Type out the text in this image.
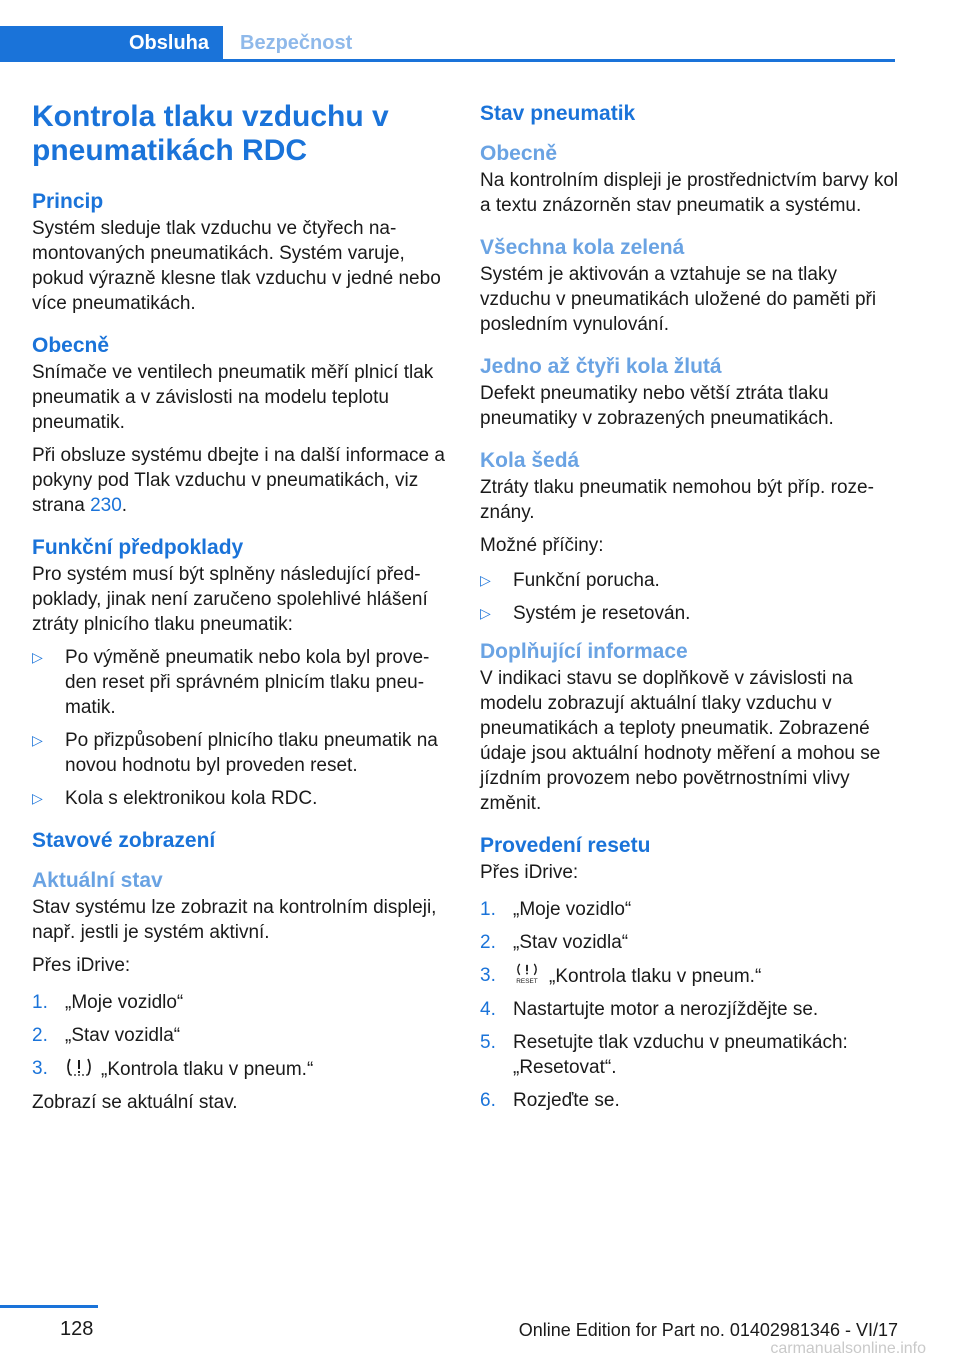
Obsluha	Bezpečnost
Kontrola tlaku vzduchu v pneumatikách RDC
Princip

Systém sleduje tlak vzduchu ve čtyřech namontovaných pneumatikách. Systém varuje, pokud výrazně klesne tlak vzduchu v jedné nebo více pneumatikách.

Obecně

Snímače ve ventilech pneumatik měří plnicí tlak pneumatik a v závislosti na modelu teplotu pneumatik.

Při obsluze systému dbejte i na další informace a pokyny pod Tlak vzduchu v pneumatikách, viz strana 230.

Funkční předpoklady

Pro systém musí být splněny následující předpoklady, jinak není zaručeno spolehlivé hlášení ztráty plnicího tlaku pneumatik:

▷ Po výměně pneumatik nebo kola byl proveden reset při správném plnicím tlaku pneumatik.
▷ Po přizpůsobení plnicího tlaku pneumatik na novou hodnotu byl proveden reset.
▷ Kola s elektronikou kola RDC.
Stavové zobrazení
Aktuální stav

Stav systému lze zobrazit na kontrolním displeji, např. jestli je systém aktivní.

Přes iDrive:

1. „Moje vozidlo“
2. „Stav vozidla“
3.	„Kontrola tlaku v pneum.“

Zobrazí se aktuální stav.

Stav pneumatik
Obecně

Na kontrolním displeji je prostřednictvím barvy kol a textu znázorněn stav pneumatik a systému.

Všechna kola zelená

Systém je aktivován a vztahuje se na tlaky vzduchu v pneumatikách uložené do paměti při posledním vynulování.

Jedno až čtyři kola žlutá

Defekt pneumatiky nebo větší ztráta tlaku pneumatiky v zobrazených pneumatikách.

Kola šedá

Ztráty tlaku pneumatik nemohou být příp. rozeznány.

Možné příčiny:

▷ Funkční porucha.
▷ Systém je resetován.
Doplňující informace

V indikaci stavu se doplňkově v závislosti na modelu zobrazují aktuální tlaky vzduchu v pneumatikách a teploty pneumatik. Zobrazené údaje jsou aktuální hodnoty měření a mohou se jízdním provozem nebo povětrnostními vlivy změnit.

Provedení resetu

Přes iDrive:

1. „Moje vozidlo“
2. „Stav vozidla“
3.	RESET „Kontrola tlaku v pneum.“
4. Nastartujte motor a nerozjíždějte se.
5. Resetujte tlak vzduchu v pneumatikách: „Resetovat“.
6. Rozjeďte se.
128	Online Edition for Part no. 01402981346 - VI/17
carmanualsonline.info
